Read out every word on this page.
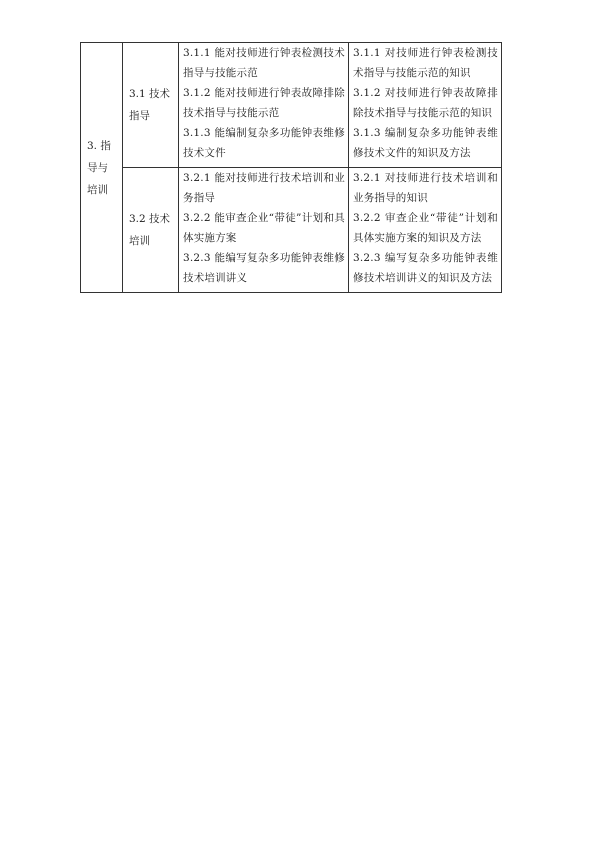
3. 指导与培训	3.1 技术指导	3.1.1 能对技师进行钟表检测技术指导与技能示范
3.1.2 能对技师进行钟表故障排除技术指导与技能示范
3.1.3 能编制复杂多功能钟表维修技术文件	3.1.1 对技师进行钟表检测技术指导与技能示范的知识
3.1.2 对技师进行钟表故障排除技术指导与技能示范的知识
3.1.3 编制复杂多功能钟表维修技术文件的知识及方法

	3.2 技术培训	3.2.1 能对技师进行技术培训和业务指导
3.2.2 能审查企业“带徒”计划和具体实施方案
3.2.3 能编写复杂多功能钟表维修技术培训讲义	3.2.1 对技师进行技术培训和业务指导的知识
3.2.2 审查企业“带徒”计划和具体实施方案的知识及方法
3.2.3 编写复杂多功能钟表维修技术培训讲义的知识及方法
